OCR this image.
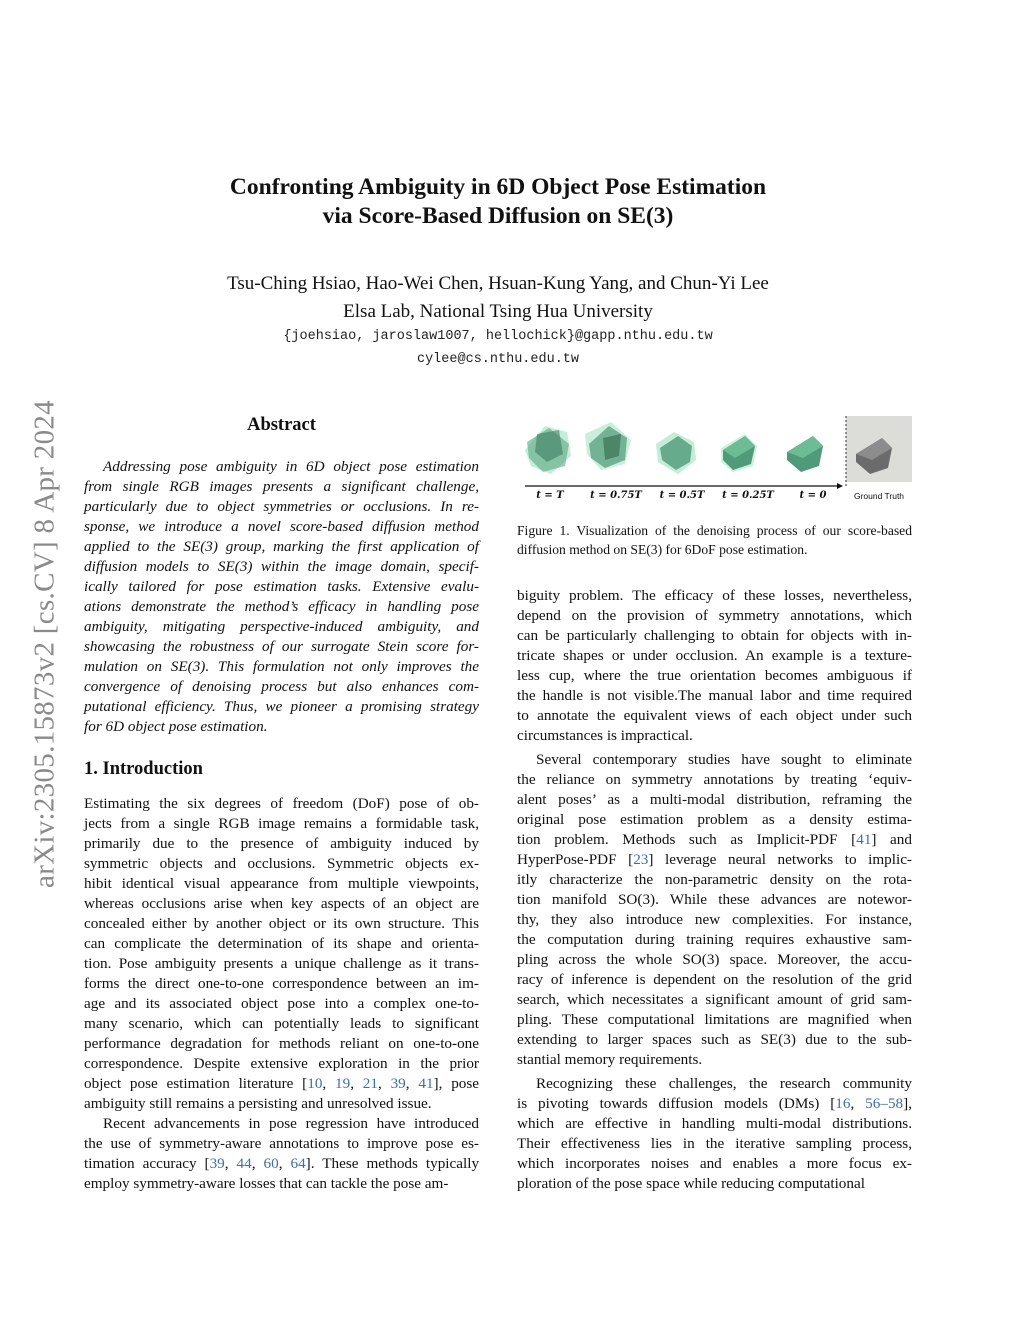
arXiv:2305.15873v2 [cs.CV] 8 Apr 2024
Confronting Ambiguity in 6D Object Pose Estimation
via Score-Based Diffusion on SE(3)
Tsu-Ching Hsiao, Hao-Wei Chen, Hsuan-Kung Yang, and Chun-Yi Lee
Elsa Lab, National Tsing Hua University
{joehsiao, jaroslaw1007, hellochick}@gapp.nthu.edu.tw
cylee@cs.nthu.edu.tw
Abstract
Addressing pose ambiguity in 6D object pose estimation
from single RGB images presents a significant challenge,
particularly due to object symmetries or occlusions. In re-
sponse, we introduce a novel score-based diffusion method
applied to the SE(3) group, marking the first application of
diffusion models to SE(3) within the image domain, specif-
ically tailored for pose estimation tasks. Extensive evalu-
ations demonstrate the method’s efficacy in handling pose
ambiguity, mitigating perspective-induced ambiguity, and
showcasing the robustness of our surrogate Stein score for-
mulation on SE(3). This formulation not only improves the
convergence of denoising process but also enhances com-
putational efficiency. Thus, we pioneer a promising strategy
for 6D object pose estimation.
1. Introduction
Estimating the six degrees of freedom (DoF) pose of ob-
jects from a single RGB image remains a formidable task,
primarily due to the presence of ambiguity induced by
symmetric objects and occlusions. Symmetric objects ex-
hibit identical visual appearance from multiple viewpoints,
whereas occlusions arise when key aspects of an object are
concealed either by another object or its own structure. This
can complicate the determination of its shape and orienta-
tion. Pose ambiguity presents a unique challenge as it trans-
forms the direct one-to-one correspondence between an im-
age and its associated object pose into a complex one-to-
many scenario, which can potentially leads to significant
performance degradation for methods reliant on one-to-one
correspondence. Despite extensive exploration in the prior
object pose estimation literature [10, 19, 21, 39, 41], pose
ambiguity still remains a persisting and unresolved issue.
Recent advancements in pose regression have introduced
the use of symmetry-aware annotations to improve pose es-
timation accuracy [39, 44, 60, 64]. These methods typically
employ symmetry-aware losses that can tackle the pose am-
biguity problem. The efficacy of these losses, nevertheless,
depend on the provision of symmetry annotations, which
can be particularly challenging to obtain for objects with in-
tricate shapes or under occlusion. An example is a texture-
less cup, where the true orientation becomes ambiguous if
the handle is not visible.The manual labor and time required
to annotate the equivalent views of each object under such
circumstances is impractical.
Several contemporary studies have sought to eliminate
the reliance on symmetry annotations by treating ‘equiv-
alent poses’ as a multi-modal distribution, reframing the
original pose estimation problem as a density estima-
tion problem. Methods such as Implicit-PDF [41] and
HyperPose-PDF [23] leverage neural networks to implic-
itly characterize the non-parametric density on the rota-
tion manifold SO(3). While these advances are notewor-
thy, they also introduce new complexities. For instance,
the computation during training requires exhaustive sam-
pling across the whole SO(3) space. Moreover, the accu-
racy of inference is dependent on the resolution of the grid
search, which necessitates a significant amount of grid sam-
pling. These computational limitations are magnified when
extending to larger spaces such as SE(3) due to the sub-
stantial memory requirements.
Recognizing these challenges, the research community
is pivoting towards diffusion models (DMs) [16, 56–58],
which are effective in handling multi-modal distributions.
Their effectiveness lies in the iterative sampling process,
which incorporates noises and enables a more focus ex-
ploration of the pose space while reducing computational
t = T	t = 0.75T t = 0.5T t = 0.25T	t = 0	Ground Truth
Figure 1. Visualization of the denoising process of our score-based
diffusion method on SE(3) for 6DoF pose estimation.
